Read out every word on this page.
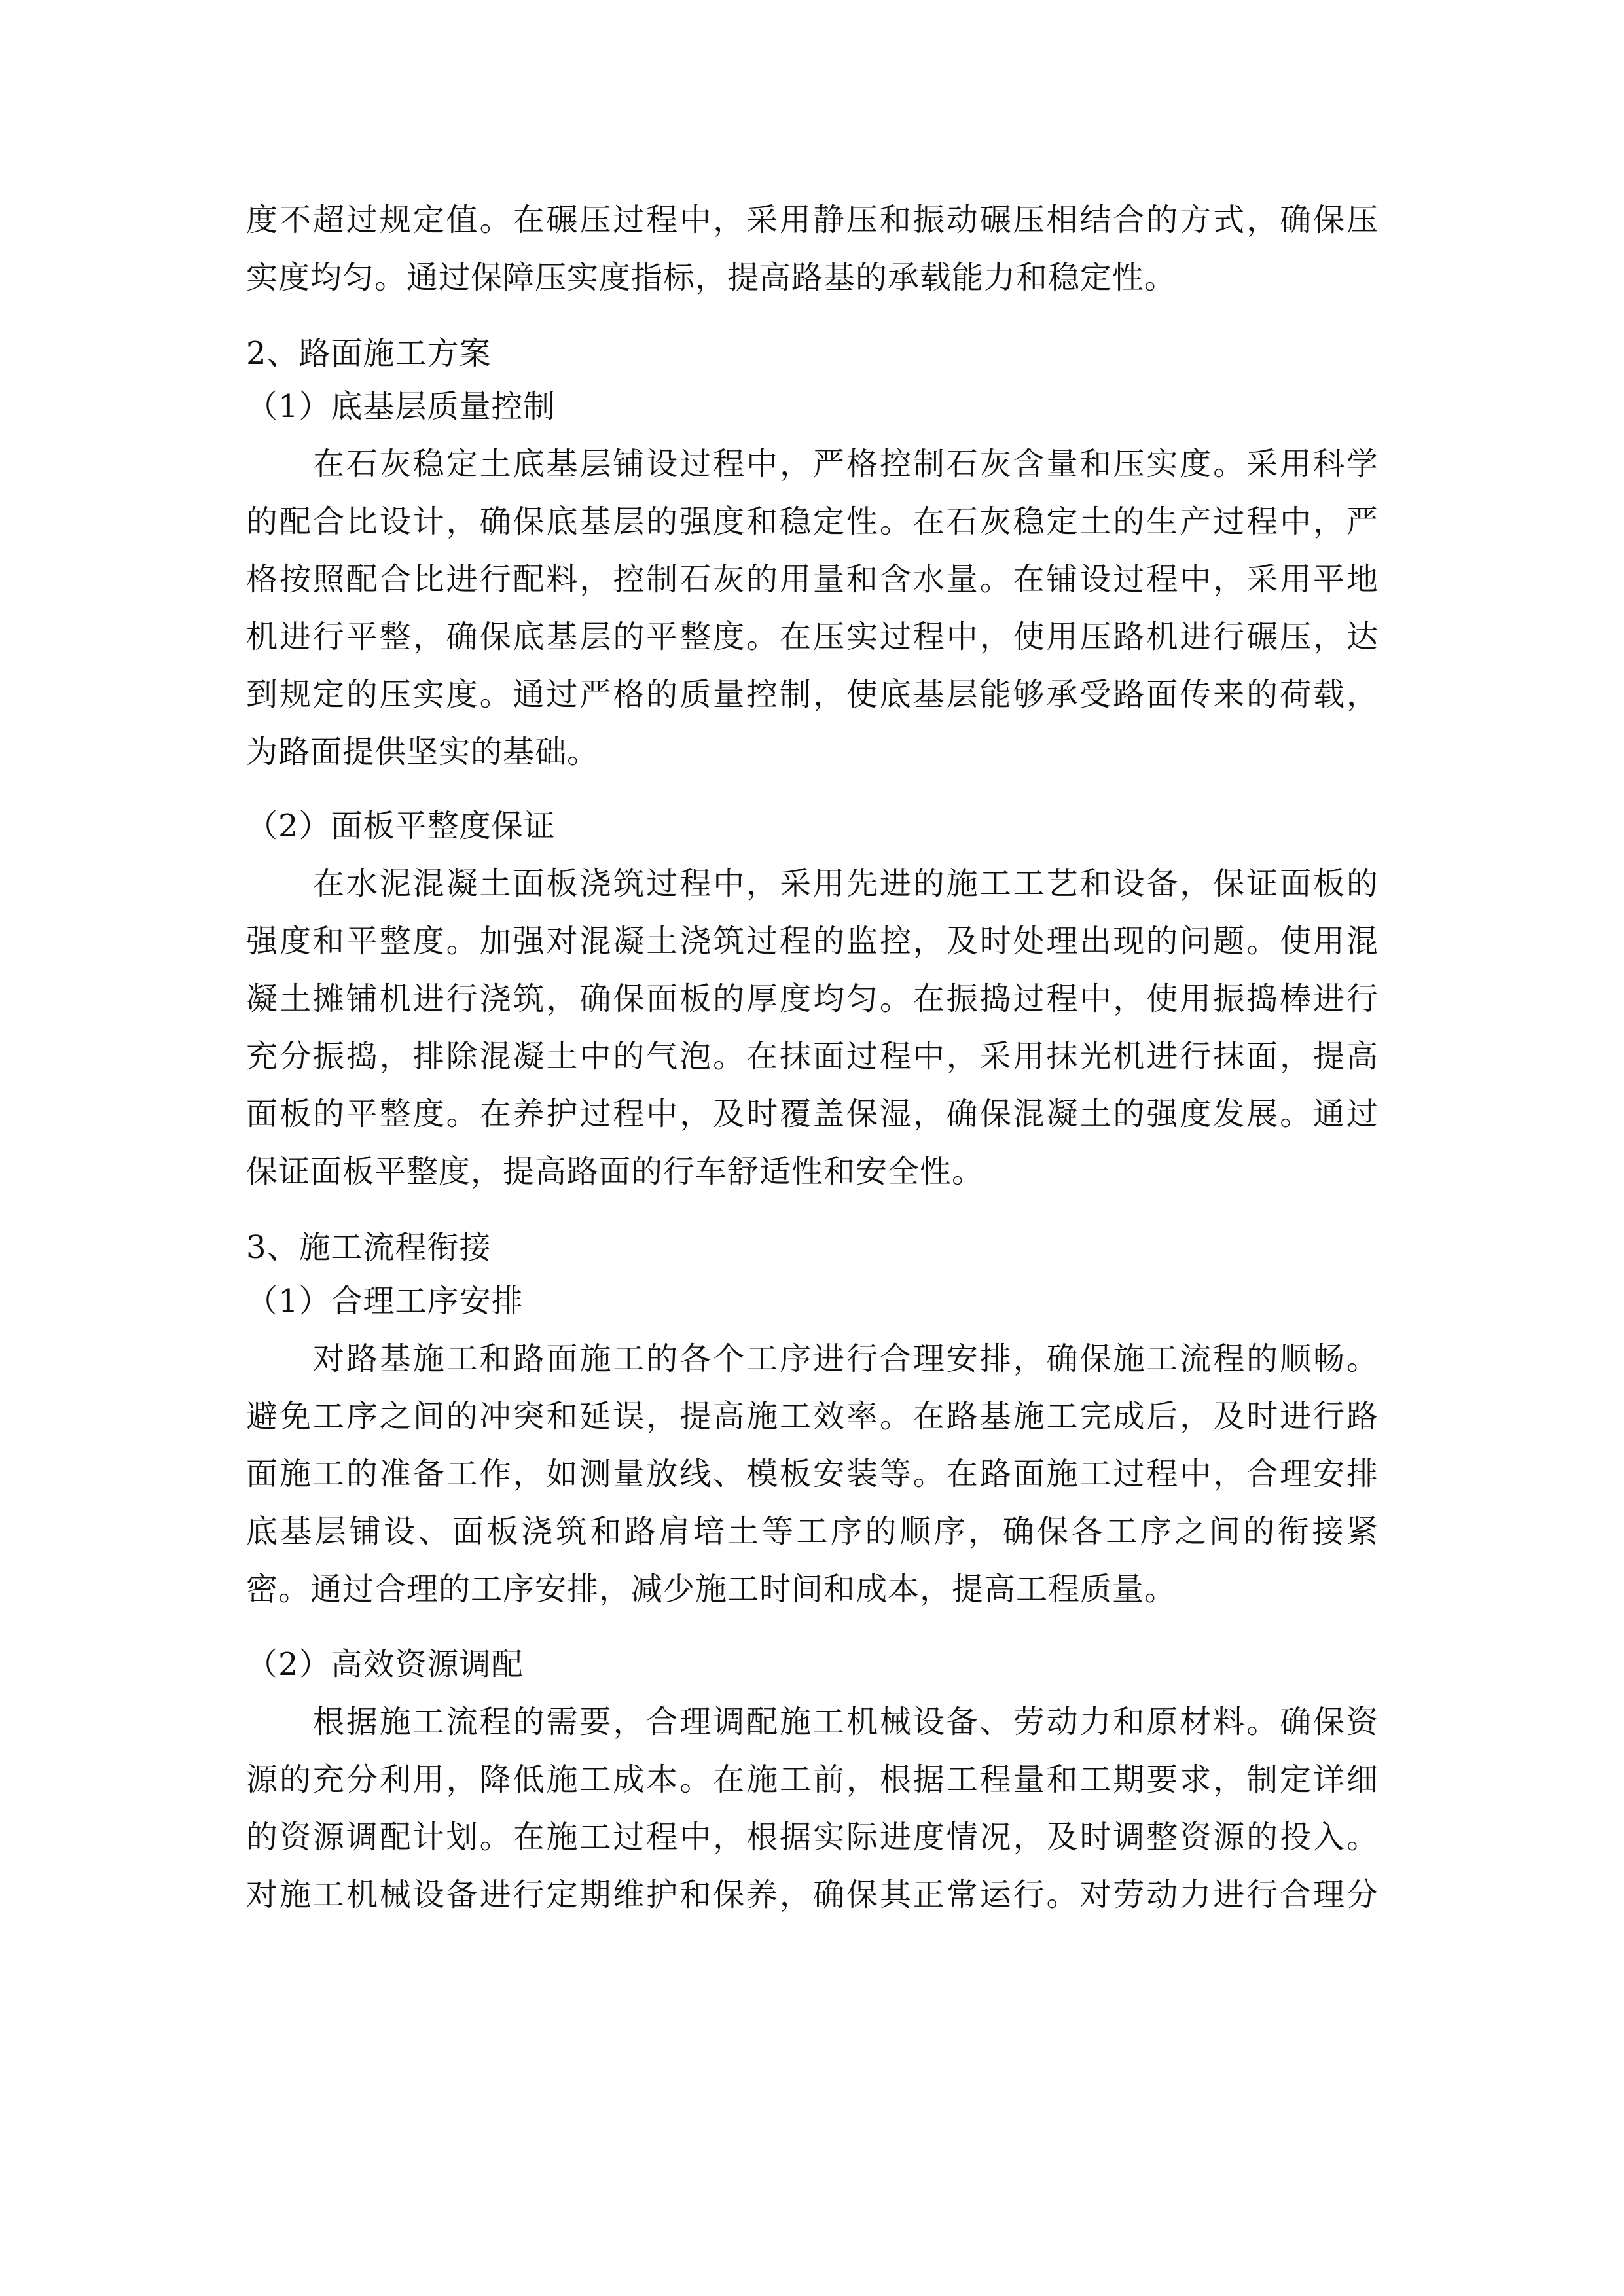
度不超过规定值。在碾压过程中，采用静压和振动碾压相结合的方式，确保压

实度均匀。通过保障压实度指标，提高路基的承载能力和稳定性。

2、路面施工方案

（1）底基层质量控制

在石灰稳定土底基层铺设过程中，严格控制石灰含量和压实度。采用科学

的配合比设计，确保底基层的强度和稳定性。在石灰稳定土的生产过程中，严

格按照配合比进行配料，控制石灰的用量和含水量。在铺设过程中，采用平地

机进行平整，确保底基层的平整度。在压实过程中，使用压路机进行碾压，达

到规定的压实度。通过严格的质量控制，使底基层能够承受路面传来的荷载，

为路面提供坚实的基础。

（2）面板平整度保证

在水泥混凝土面板浇筑过程中，采用先进的施工工艺和设备，保证面板的

强度和平整度。加强对混凝土浇筑过程的监控，及时处理出现的问题。使用混

凝土摊铺机进行浇筑，确保面板的厚度均匀。在振捣过程中，使用振捣棒进行

充分振捣，排除混凝土中的气泡。在抹面过程中，采用抹光机进行抹面，提高

面板的平整度。在养护过程中，及时覆盖保湿，确保混凝土的强度发展。通过

保证面板平整度，提高路面的行车舒适性和安全性。

3、施工流程衔接

（1）合理工序安排

对路基施工和路面施工的各个工序进行合理安排，确保施工流程的顺畅。

避免工序之间的冲突和延误，提高施工效率。在路基施工完成后，及时进行路

面施工的准备工作，如测量放线、模板安装等。在路面施工过程中，合理安排

底基层铺设、面板浇筑和路肩培土等工序的顺序，确保各工序之间的衔接紧

密。通过合理的工序安排，减少施工时间和成本，提高工程质量。

（2）高效资源调配

根据施工流程的需要，合理调配施工机械设备、劳动力和原材料。确保资

源的充分利用，降低施工成本。在施工前，根据工程量和工期要求，制定详细

的资源调配计划。在施工过程中，根据实际进度情况，及时调整资源的投入。

对施工机械设备进行定期维护和保养，确保其正常运行。对劳动力进行合理分
